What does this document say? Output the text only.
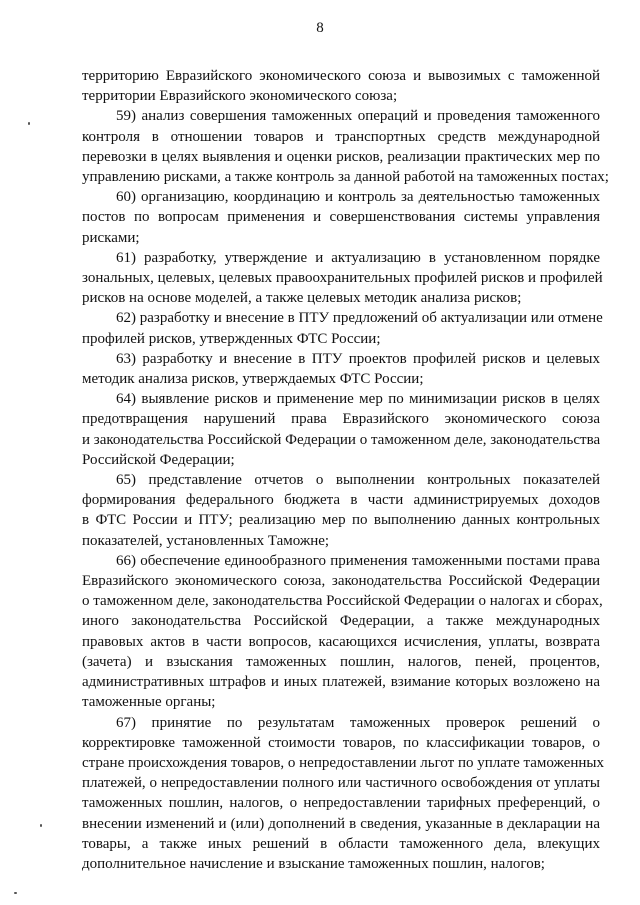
8

территорию Евразийского экономического союза и вывозимых с таможенной
территории Евразийского экономического союза;

59) анализ совершения таможенных операций и проведения таможенного
контроля в отношении товаров и транспортных средств международной
перевозки в целях выявления и оценки рисков, реализации практических мер по
управлению рисками, а также контроль за данной работой на таможенных постах;

60) организацию, координацию и контроль за деятельностью таможенных
постов по вопросам применения и совершенствования системы управления
рисками;

61) разработку, утверждение и актуализацию в установленном порядке
зональных, целевых, целевых правоохранительных профилей рисков и профилей
рисков на основе моделей, а также целевых методик анализа рисков;

62) разработку и внесение в ПТУ предложений об актуализации или отмене
профилей рисков, утвержденных ФТС России;

63) разработку и внесение в ПТУ проектов профилей рисков и целевых
методик анализа рисков, утверждаемых ФТС России;

64) выявление рисков и применение мер по минимизации рисков в целях
предотвращения нарушений права Евразийского экономического союза
и законодательства Российской Федерации о таможенном деле, законодательства
Российской Федерации;

65) представление отчетов о выполнении контрольных показателей
формирования федерального бюджета в части администрируемых доходов
в ФТС России и ПТУ; реализацию мер по выполнению данных контрольных
показателей, установленных Таможне;

66) обеспечение единообразного применения таможенными постами права
Евразийского экономического союза, законодательства Российской Федерации
о таможенном деле, законодательства Российской Федерации о налогах и сборах,
иного законодательства Российской Федерации, а также международных
правовых актов в части вопросов, касающихся исчисления, уплаты, возврата
(зачета) и взыскания таможенных пошлин, налогов, пеней, процентов,
административных штрафов и иных платежей, взимание которых возложено на
таможенные органы;

67) принятие по результатам таможенных проверок решений о
корректировке таможенной стоимости товаров, по классификации товаров, о
стране происхождения товаров, о непредоставлении льгот по уплате таможенных
платежей, о непредоставлении полного или частичного освобождения от уплаты
таможенных пошлин, налогов, о непредоставлении тарифных преференций, о
внесении изменений и (или) дополнений в сведения, указанные в декларации на
товары, а также иных решений в области таможенного дела, влекущих
дополнительное начисление и взыскание таможенных пошлин, налогов;
